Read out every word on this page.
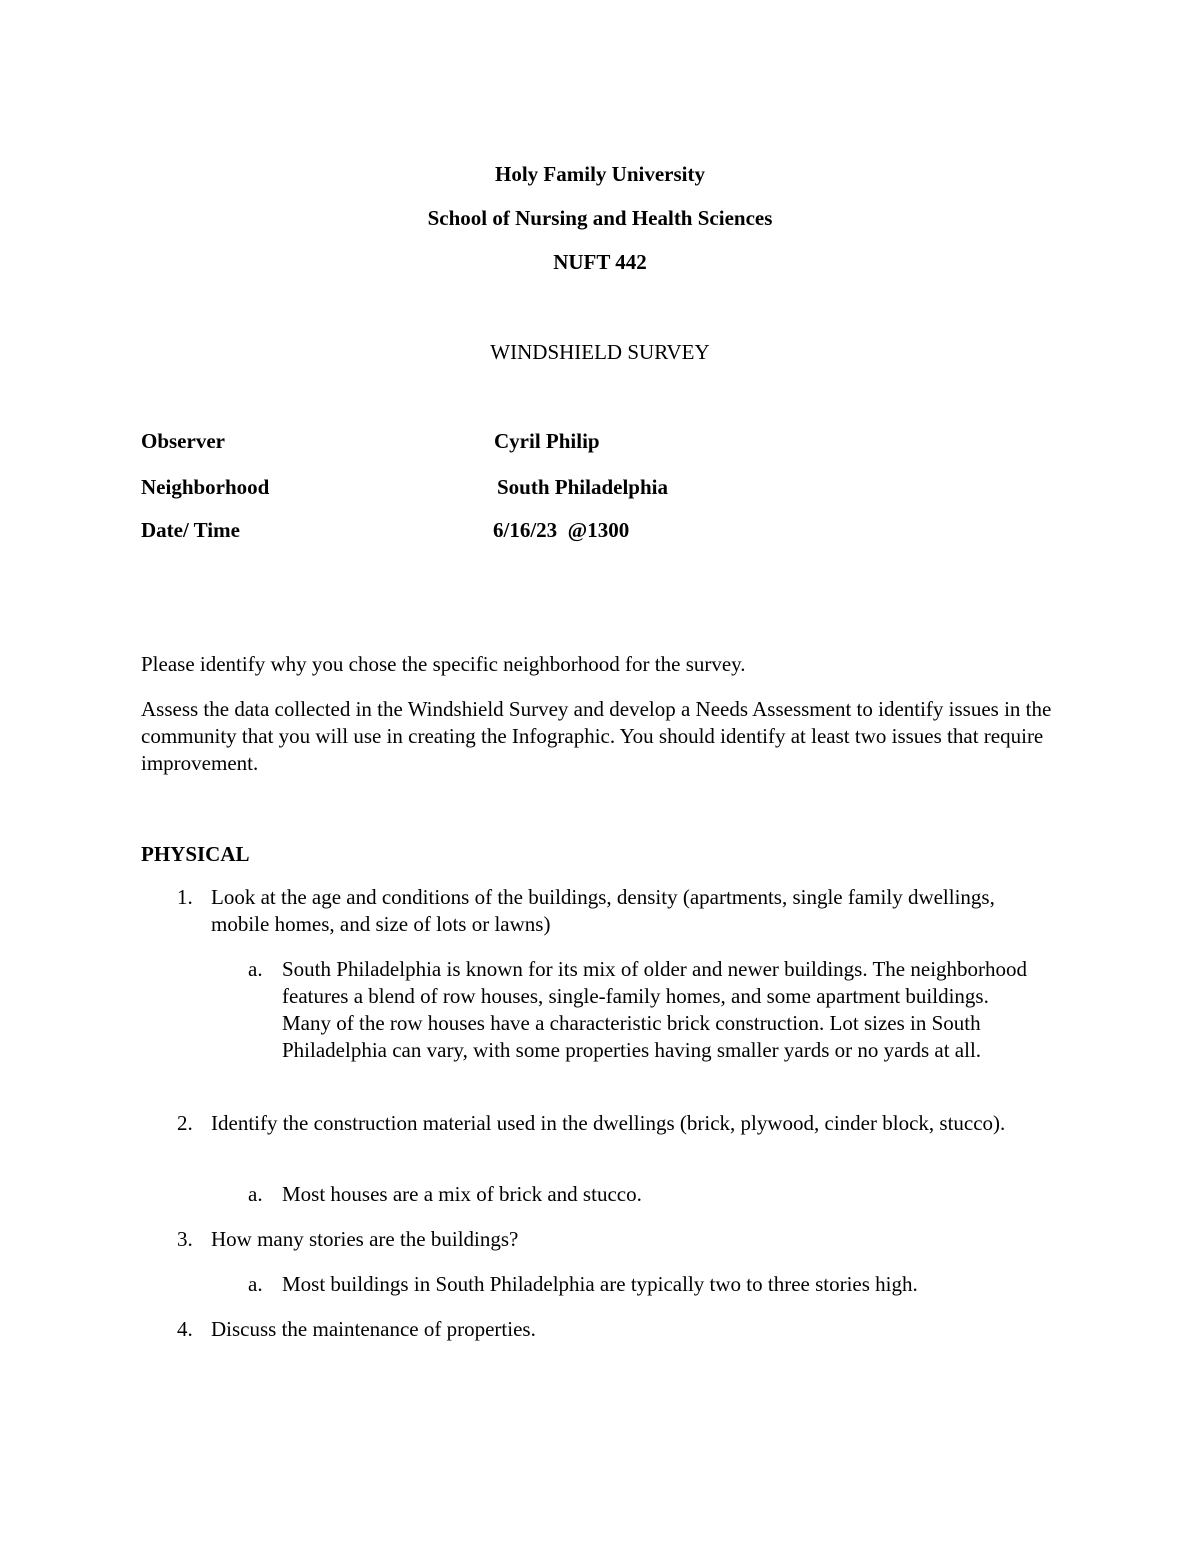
Holy Family University
School of Nursing and Health Sciences
NUFT 442
WINDSHIELD SURVEY
Observer	Cyril Philip
Neighborhood	South Philadelphia
Date/ Time	6/16/23  @1300
Please identify why you chose the specific neighborhood for the survey.
Assess the data collected in the Windshield Survey and develop a Needs Assessment to identify issues in the community that you will use in creating the Infographic. You should identify at least two issues that require improvement.
PHYSICAL
1. Look at the age and conditions of the buildings, density (apartments, single family dwellings, mobile homes, and size of lots or lawns)
a. South Philadelphia is known for its mix of older and newer buildings. The neighborhood features a blend of row houses, single-family homes, and some apartment buildings. Many of the row houses have a characteristic brick construction. Lot sizes in South Philadelphia can vary, with some properties having smaller yards or no yards at all.
2. Identify the construction material used in the dwellings (brick, plywood, cinder block, stucco).
a. Most houses are a mix of brick and stucco.
3. How many stories are the buildings?
a. Most buildings in South Philadelphia are typically two to three stories high.
4. Discuss the maintenance of properties.
